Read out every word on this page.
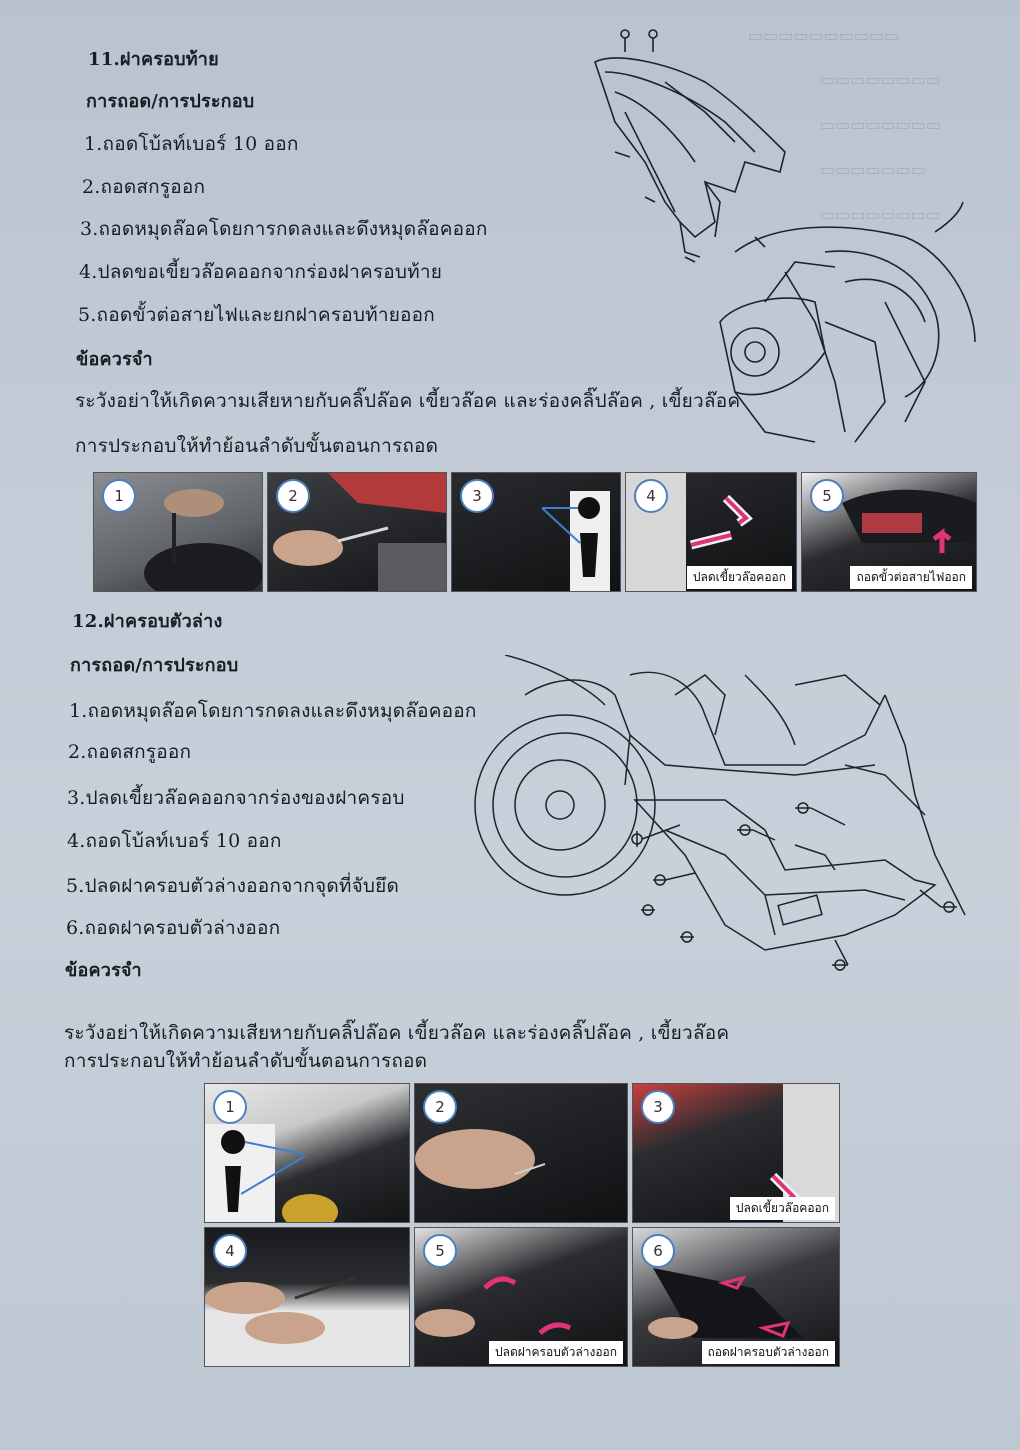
▭▭▭▭▭▭▭▭▭▭
▭▭▭▭▭▭▭▭
▭▭▭▭▭▭▭▭
▭▭▭▭▭▭▭
▭▭▭▭▭▭▭▭
11.ฝาครอบท้าย
การถอด/การประกอบ
1.ถอดโบ้ลท์เบอร์ 10 ออก
2.ถอดสกรูออก
3.ถอดหมุดล๊อคโดยการกดลงและดึงหมุดล๊อคออก
4.ปลดขอเขี้ยวล๊อคออกจากร่องฝาครอบท้าย
5.ถอดขั้วต่อสายไฟและยกฝาครอบท้ายออก
ข้อควรจำ
ระวังอย่าให้เกิดความเสียหายกับคลิ๊ปล๊อค เขี้ยวล๊อค และร่องคลิ๊ปล๊อค , เขี้ยวล๊อค
การประกอบให้ทำย้อนลำดับขั้นตอนการถอด
1	2	3	4
ปลดเขี้ยวล๊อคออก
5
ถอดขั้วต่อสายไฟออก
12.ฝาครอบตัวล่าง
การถอด/การประกอบ
1.ถอดหมุดล๊อคโดยการกดลงและดึงหมุดล๊อคออก
2.ถอดสกรูออก
3.ปลดเขี้ยวล๊อคออกจากร่องของฝาครอบ
4.ถอดโบ้ลท์เบอร์ 10 ออก
5.ปลดฝาครอบตัวล่างออกจากจุดที่จับยึด
6.ถอดฝาครอบตัวล่างออก
ข้อควรจำ
ระวังอย่าให้เกิดความเสียหายกับคลิ๊ปล๊อค เขี้ยวล๊อค และร่องคลิ๊ปล๊อค , เขี้ยวล๊อค
การประกอบให้ทำย้อนลำดับขั้นตอนการถอด
1	2	3
ปลดเขี้ยวล๊อคออก
4	5
ปลดฝาครอบตัวล่างออก
6
ถอดฝาครอบตัวล่างออก
